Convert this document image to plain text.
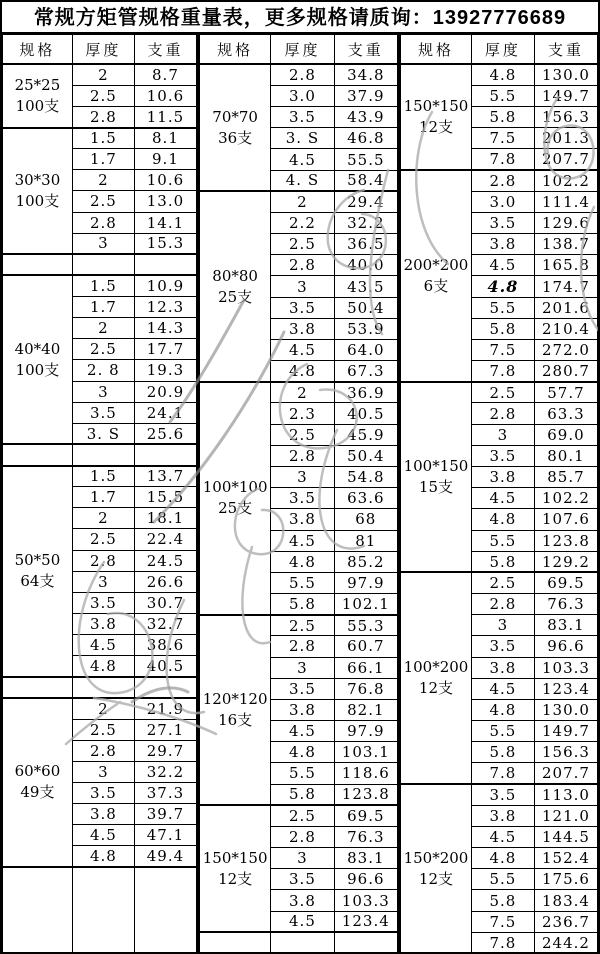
常规方矩管规格重量表，更多规格请质询：13927776689
规格	厚度	支重

25*25
100支	2	8.7
	2.5	10.6
	2.8	11.5

30*30
100支	1.5	8.1
	1.7	9.1
	2	10.6
	2.5	13.0
	2.8	14.1
	3	15.3

40*40
100支	1.5	10.9
	1.7	12.3
	2	14.3
	2.5	17.7
	2. 8	19.3
	3	20.9
	3.5	24.1
	3. S	25.6

50*50
64支	1.5	13.7
	1.7	15.5
	2	18.1
	2.5	22.4
	2.8	24.5
	3	26.6
	3.5	30.7
	3.8	32.7
	4.5	38.6
	4.8	40.5

60*60
49支	2	21.9
	2.5	27.1
	2.8	29.7
	3	32.2
	3.5	37.3
	3.8	39.7
	4.5	47.1
	4.8	49.4

规格	厚度	支重

70*70
36支	2.8	34.8
	3.0	37.9
	3.5	43.9
	3. S	46.8
	4.5	55.5
	4. S	58.4

80*80
25支	2	29.4
	2.2	32.2
	2.5	36.5
	2.8	40.0
	3	43.5
	3.5	50.4
	3.8	53.9
	4.5	64.0
	4.8	67.3

100*100
25支	2	36.9
	2.3	40.5
	2.5	45.9
	2.8	50.4
	3	54.8
	3.5	63.6
	3.8	68
	4.5	81
	4.8	85.2
	5.5	97.9
	5.8	102.1

120*120
16支	2.5	55.3
	2.8	60.7
	3	66.1
	3.5	76.8
	3.8	82.1
	4.5	97.9
	4.8	103.1
	5.5	118.6
	5.8	123.8

150*150
12支	2.5	69.5
	2.8	76.3
	3	83.1
	3.5	96.6
	3.8	103.3
	4.5	123.4

规格	厚度	支重

150*150
12支	4.8	130.0
	5.5	149.7
	5.8	156.3
	7.5	201.3
	7.8	207.7

200*200
6支	2.8	102.2
	3.0	111.4
	3.5	129.6
	3.8	138.7
	4.5	165.8
	4.8	174.7
	5.5	201.6
	5.8	210.4
	7.5	272.0
	7.8	280.7

100*150
15支	2.5	57.7
	2.8	63.3
	3	69.0
	3.5	80.1
	3.8	85.7
	4.5	102.2
	4.8	107.6
	5.5	123.8
	5.8	129.2

100*200
12支	2.5	69.5
	2.8	76.3
	3	83.1
	3.5	96.6
	3.8	103.3
	4.5	123.4
	4.8	130.0
	5.5	149.7
	5.8	156.3
	7.8	207.7

150*200
12支	3.5	113.0
	3.8	121.0
	4.5	144.5
	4.8	152.4
	5.5	175.6
	5.8	183.4
	7.5	236.7
	7.8	244.2
